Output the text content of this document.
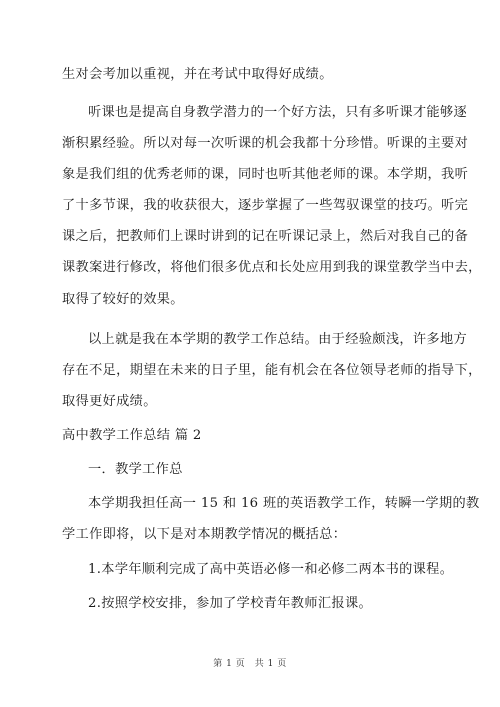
生对会考加以重视，并在考试中取得好成绩。
听课也是提高自身教学潜力的一个好方法，只有多听课才能够逐
渐积累经验。所以对每一次听课的机会我都十分珍惜。听课的主要对
象是我们组的优秀老师的课，同时也听其他老师的课。本学期，我听
了十多节课，我的收获很大，逐步掌握了一些驾驭课堂的技巧。听完
课之后，把教师们上课时讲到的记在听课记录上，然后对我自己的备
课教案进行修改，将他们很多优点和长处应用到我的课堂教学当中去，
取得了较好的效果。
以上就是我在本学期的教学工作总结。由于经验颇浅，许多地方
存在不足，期望在未来的日子里，能有机会在各位领导老师的指导下，
取得更好成绩。
高中教学工作总结 篇 2
一．教学工作总
本学期我担任高一 15 和 16 班的英语教学工作，转瞬一学期的教
学工作即将，以下是对本期教学情况的概括总：
1.本学年顺利完成了高中英语必修一和必修二两本书的课程。
2.按照学校安排，参加了学校青年教师汇报课。
第 1 页　共 1 页
